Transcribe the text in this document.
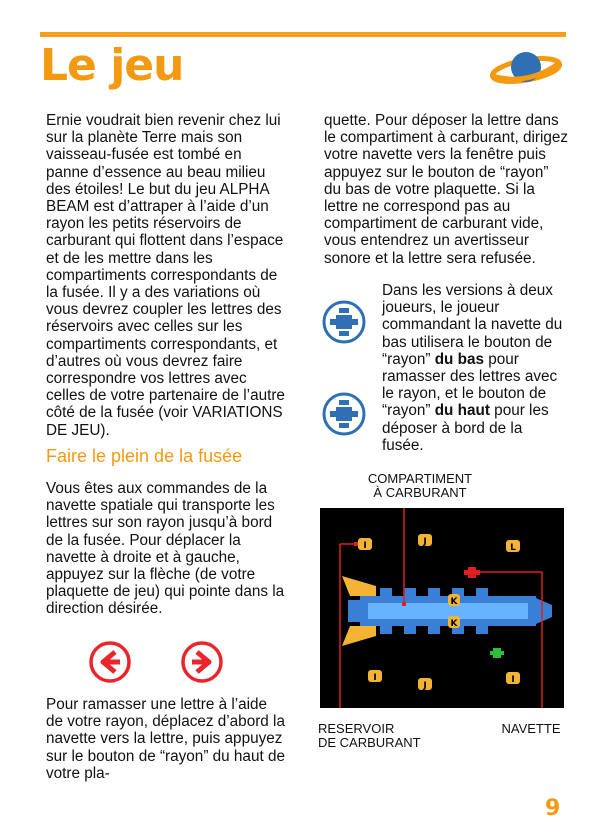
Le jeu

Ernie voudrait bien revenir chez lui sur la planète Terre mais son vaisseau-fusée est tombé en panne d’essence au beau milieu des étoiles! Le but du jeu ALPHA BEAM est d’attraper à l’aide d’un rayon les petits réservoirs de carburant qui flottent dans l’espace et de les mettre dans les compartiments correspondants de la fusée. Il y a des variations où vous devrez coupler les lettres des réservoirs avec celles sur les compartiments correspondants, et d’autres où vous devrez faire correspondre vos lettres avec celles de votre partenaire de l’autre côté de la fusée (voir VARIATIONS DE JEU).

quette. Pour déposer la lettre dans le compartiment à carburant, dirigez votre navette vers la fenêtre puis appuyez sur le bouton de “rayon” du bas de votre plaquette. Si la lettre ne correspond pas au compartiment de carburant vide, vous entendrez un avertisseur sonore et la lettre sera refusée.

Dans les versions à deux joueurs, le joueur commandant la navette du bas utilisera le bouton de “rayon” du bas pour ramasser des lettres avec le rayon, et le bouton de “rayon” du haut pour les déposer à bord de la fusée.

Faire le plein de la fusée

Vous êtes aux commandes de la navette spatiale qui transporte les lettres sur son rayon jusqu’à bord de la fusée. Pour déplacer la navette à droite et à gauche, appuyez sur la flèche (de votre plaquette de jeu) qui pointe dans la direction désirée.

Pour ramasser une lettre à l’aide de votre rayon, déplacez d’abord la navette vers la lettre, puis appuyez sur le bouton de “rayon” du haut de votre pla-

COMPARTIMENT
À CARBURANT
K
K
I	J
L
I
J
I
RESERVOIR
DE CARBURANT
NAVETTE
9
